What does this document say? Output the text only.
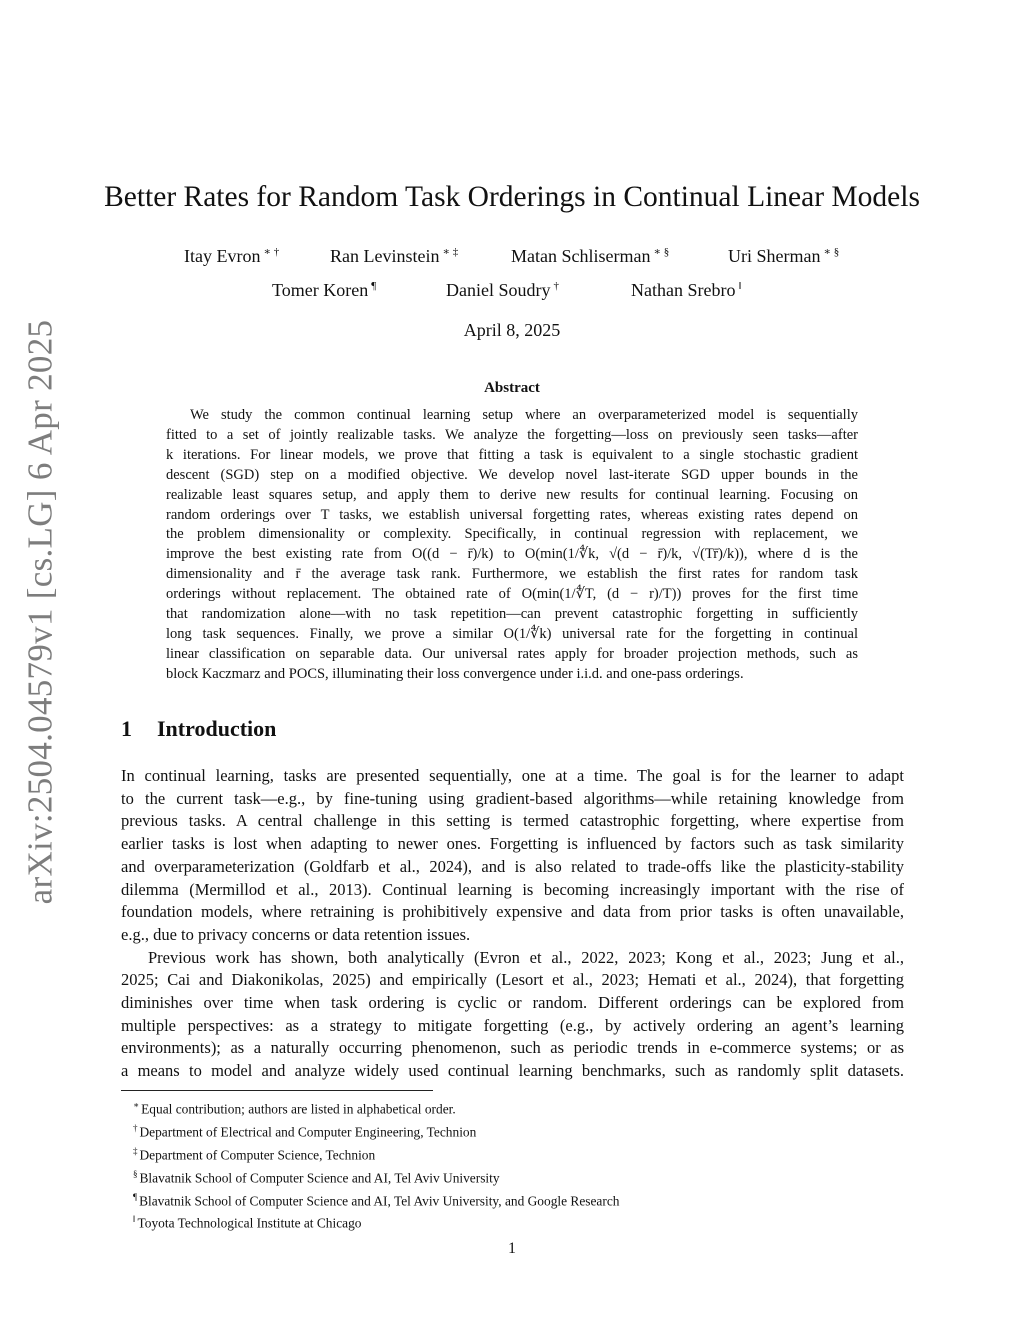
arXiv:2504.04579v1 [cs.LG] 6 Apr 2025
Better Rates for Random Task Orderings in Continual Linear Models
Itay Evron ∗ †	Ran Levinstein ∗ ‡	Matan Schliserman ∗ §	Uri Sherman ∗ §
Tomer Koren ¶	Daniel Soudry †	Nathan Srebro ‖
April 8, 2025
Abstract
We study the common continual learning setup where an overparameterized model is sequentially
fitted to a set of jointly realizable tasks. We analyze the forgetting—loss on previously seen tasks—after
k iterations. For linear models, we prove that fitting a task is equivalent to a single stochastic gradient
descent (SGD) step on a modified objective. We develop novel last-iterate SGD upper bounds in the
realizable least squares setup, and apply them to derive new results for continual learning. Focusing on
random orderings over T tasks, we establish universal forgetting rates, whereas existing rates depend on
the problem dimensionality or complexity. Specifically, in continual regression with replacement, we
improve the best existing rate from O((d − r̄)/k) to O(min(1/∜k, √(d − r̄)/k, √(Tr̄)/k)), where d is the
dimensionality and r̄ the average task rank. Furthermore, we establish the first rates for random task
orderings without replacement. The obtained rate of O(min(1/∜T, (d − r)/T)) proves for the first time
that randomization alone—with no task repetition—can prevent catastrophic forgetting in sufficiently
long task sequences. Finally, we prove a similar O(1/∜k) universal rate for the forgetting in continual
linear classification on separable data. Our universal rates apply for broader projection methods, such as
block Kaczmarz and POCS, illuminating their loss convergence under i.i.d. and one-pass orderings.
1 Introduction
In continual learning, tasks are presented sequentially, one at a time. The goal is for the learner to adapt
to the current task—e.g., by fine-tuning using gradient-based algorithms—while retaining knowledge from
previous tasks. A central challenge in this setting is termed catastrophic forgetting, where expertise from
earlier tasks is lost when adapting to newer ones. Forgetting is influenced by factors such as task similarity
and overparameterization (Goldfarb et al., 2024), and is also related to trade-offs like the plasticity-stability
dilemma (Mermillod et al., 2013). Continual learning is becoming increasingly important with the rise of
foundation models, where retraining is prohibitively expensive and data from prior tasks is often unavailable,
e.g., due to privacy concerns or data retention issues.
Previous work has shown, both analytically (Evron et al., 2022, 2023; Kong et al., 2023; Jung et al.,
2025; Cai and Diakonikolas, 2025) and empirically (Lesort et al., 2023; Hemati et al., 2024), that forgetting
diminishes over time when task ordering is cyclic or random. Different orderings can be explored from
multiple perspectives: as a strategy to mitigate forgetting (e.g., by actively ordering an agent’s learning
environments); as a naturally occurring phenomenon, such as periodic trends in e-commerce systems; or as
a means to model and analyze widely used continual learning benchmarks, such as randomly split datasets.
∗ Equal contribution; authors are listed in alphabetical order.
† Department of Electrical and Computer Engineering, Technion
‡ Department of Computer Science, Technion
§ Blavatnik School of Computer Science and AI, Tel Aviv University
¶ Blavatnik School of Computer Science and AI, Tel Aviv University, and Google Research
‖ Toyota Technological Institute at Chicago
1
